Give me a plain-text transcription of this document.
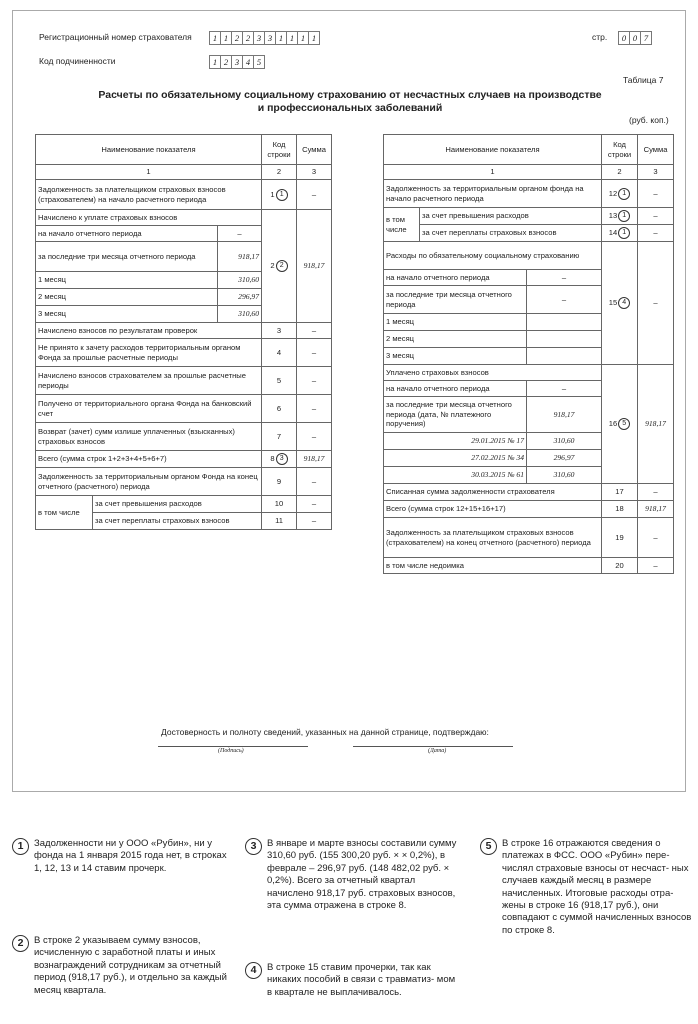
Регистрационный номер страхователя	1 1 2 2 3 3 1 1 1 1
Код подчиненности	1 2 3 4 5
стр.	0 0 7
Таблица 7
Расчеты по обязательному социальному страхованию от несчастных случаев на производстве
и профессиональных заболеваний
(руб. коп.)
Наименование показателя			Код строки	Сумма
1			2	3
Задолженность за плательщиком страховых взносов (страхователем) на начало расчетного периода			1 1	–
Начислено к уплате страховых взносов			2 2	918,17
на начало отчетного периода		–		
за последние три месяца отчетного периода		918,17		
1 месяц		310,60		
2 месяц		296,97		
3 месяц		310,60		
Начислено взносов по результатам проверок			3	–
Не принято к зачету расходов территориальным органом Фонда за прошлые расчетные периоды			4	–
Начислено взносов страхователем за прошлые расчетные периоды			5	–
Получено от территориального органа Фонда на банковский счет			6	–
Возврат (зачет) сумм излише уплаченных (взысканных) страховых взносов			7	–
Всего (сумма строк 1+2+3+4+5+6+7)			8 3	918,17
Задолженность за территориальным органом Фонда на конец отчетного (расчетного) периода			9	–
в том числе	за счет превышения расходов		10	–
	за счет переплаты страховых взносов		11	–
Наименование показателя			Код строки	Сумма
1			2	3
Задолженность за территориальным органом фонда на начало расчетного периода			12 1	–
в том числе	за счет превышения расходов		13 1	–
	за счет переплаты страховых взносов		14 1	–
Расходы по обязательному социальному страхованию			15 4	–
на начало отчетного периода		–		
за последние три месяца отчетного периода		–		
1 месяц				
2 месяц				
3 месяц				
Уплачено страховых взносов			16 5	918,17
на начало отчетного периода		–		
за последние три месяца отчетного периода (дата, № платежного поручения)		918,17		
29.01.2015 № 17		310,60		
27.02.2015 № 34		296,97		
30.03.2015 № 61		310,60		
Списанная сумма задолженности страхователя			17	–
Всего (сумма строк 12+15+16+17)			18	918,17
Задолженность за плательщиком страховых взносов (страхователем) на конец отчетного (расчетного) периода			19	–
в том числе недоимка			20	–
Достоверность и полноту сведений, указанных на данной странице, подтверждаю:
(Подпись)	(Дата)
1	Задолженности ни у ООО «Рубин», ни у фонда на 1 января 2015 года нет, в строках 1, 12, 13 и 14 ставим прочерк.
2	В строке 2 указываем сумму взносов, исчисленную с заработной платы и иных вознаграждений сотрудникам за отчетный период (918,17 руб.), и отдельно за каждый месяц квартала.
3	В январе и марте взносы составили сумму 310,60 руб. (155 300,20 руб. × × 0,2%), в феврале – 296,97 руб. (148 482,02 руб. × 0,2%). Всего за отчетный квартал начислено 918,17 руб. страховых взносов, эта сумма отражена в строке 8.
4	В строке 15 ставим прочерки, так как никаких пособий в связи с травматиз- мом в квартале не выплачивалось.
5	В строке 16 отражаются сведения о платежах в ФСС. ООО «Рубин» пере- числял страховые взносы от несчаст- ных случаев каждый месяц в размере начисленных. Итоговые расходы отра- жены в строке 16 (918,17 руб.), они совпадают с суммой начисленных взносов по строке 8.
